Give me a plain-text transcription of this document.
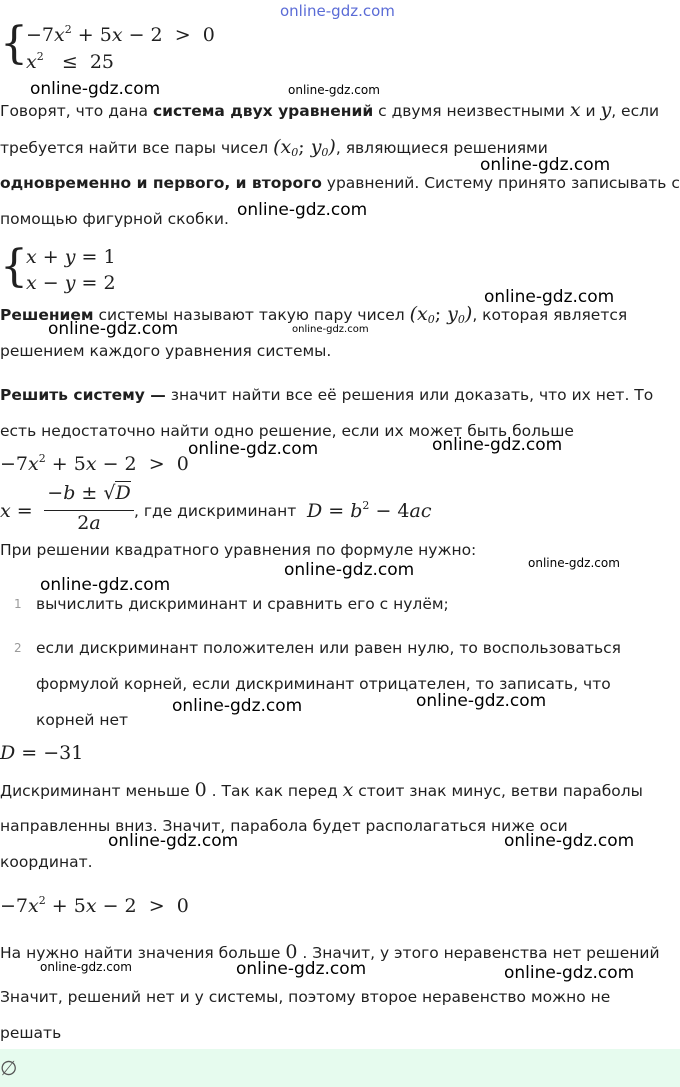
online-gdz.com
{
$-7x^2 + 5x - 2 > 0$
$x^2 \le 25$
online-gdz.com	online-gdz.com
Говорят, что дана система двух уравнений с двумя неизвестными x и y, если
требуется найти все пары чисел ($x_0$; $y_0$), являющиеся решениями
online-gdz.com
одновременно и первого, и второго уравнений. Систему принято записывать с
помощью фигурной скобки. online-gdz.com
{
x + y = 1
x − y = 2
online-gdz.com
Решением системы называют такую пару чисел ($x_0$; $y_0$), которая является
online-gdz.com	online-gdz.com
решением каждого уравнения системы.
Решить систему — значит найти все её решения или доказать, что их нет. То
есть недостаточно найти одно решение, если их может быть больше
$-7x^2 + 5x - 2 > 0$
online-gdz.com	online-gdz.com
x =
−b ± √D
2a
, где дискриминант $D = b^2 - 4ac$
При решении квадратного уравнения по формуле нужно:
online-gdz.com
online-gdz.com
online-gdz.com
1 вычислить дискриминант и сравнить его с нулём;
2 если дискриминант положителен или равен нулю, то воспользоваться
формулой корней, если дискриминант отрицателен, то записать, что
корней нет
online-gdz.com	online-gdz.com
D = −31
Дискриминант меньше 0 . Так как перед x стоит знак минус, ветви параболы
направленны вниз. Значит, парабола будет располагаться ниже оси
online-gdz.com	online-gdz.com
координат.
$-7x^2 + 5x - 2 > 0$
На нужно найти значения больше 0 . Значит, у этого неравенства нет решений
online-gdz.com	online-gdz.com	online-gdz.com
Значит, решений нет и у системы, поэтому второе неравенство можно не
решать
∅
